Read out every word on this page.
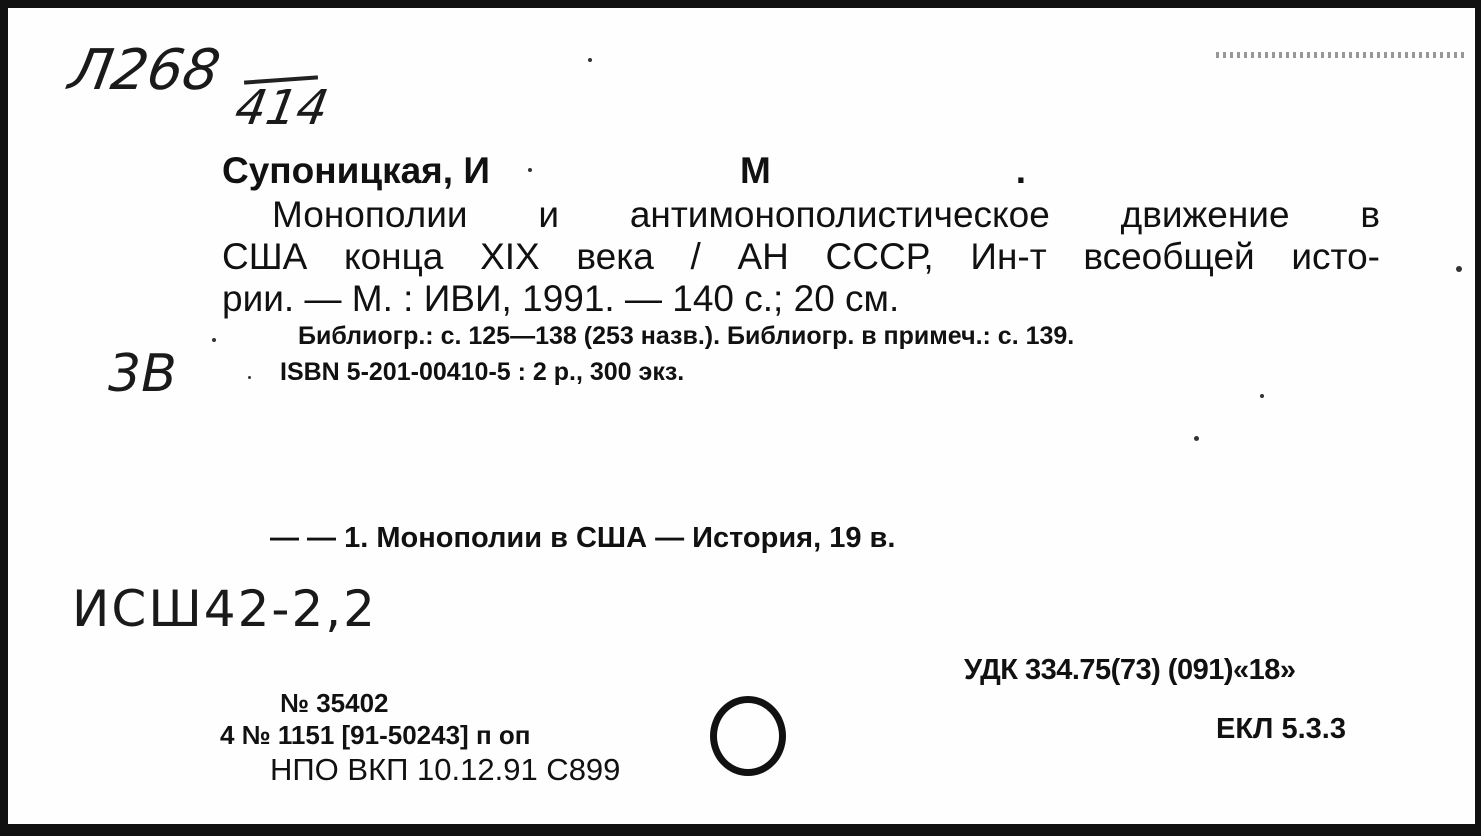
Л268
414
Супоницкая, И	М	.
Монополии и антимонополистическое движение в
США конца XIX века / АН СССР, Ин-т всеобщей исто-
рии. — М. : ИВИ, 1991. — 140 с.; 20 см.
Библиогр.: с. 125—138 (253 назв.). Библиогр. в примеч.: с. 139.
ISBN 5-201-00410-5 : 2 р., 300 экз.
3В
— — 1. Монополии в США — История, 19 в.
ИСШ42-2,2
УДК 334.75(73) (091)«18»
ЕКЛ 5.3.3
№ 35402
4 № 1151 [91-50243] п оп
НПО ВКП 10.12.91 С899
